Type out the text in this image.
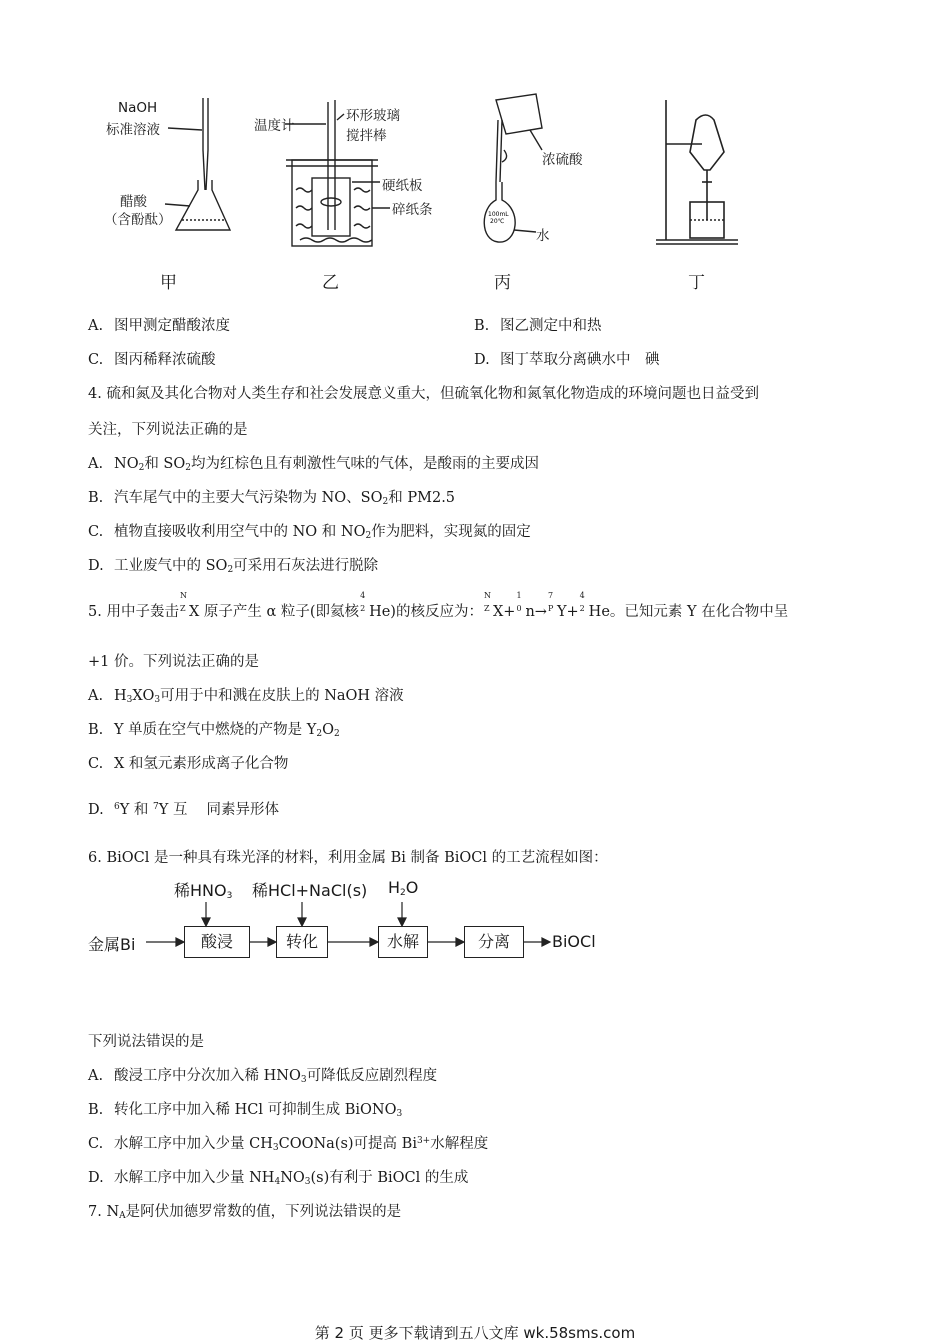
100mL
20℃
NaOH
标准溶液
醋酸
（含酚酞）
温度计
环形玻璃
搅拌棒
硬纸板
碎纸条
浓硫酸
水
甲	乙	丙	丁
A. 图甲测定醋酸浓度	B. 图乙测定中和热
C. 图丙稀释浓硫酸	D. 图丁萃取分离碘水中　碘
4. 硫和氮及其化合物对人类生存和社会发展意义重大，但硫氧化物和氮氧化物造成的环境问题也日益受到
关注，下列说法正确的是
A. $NO_2$和 $SO_2$均为红棕色且有刺激性气味的气体，是酸雨的主要成因
B. 汽车尾气中的主要大气污染物为 NO、$SO_2$和 PM2.5
C. 植物直接吸收利用空气中的 NO 和 $NO_2$作为肥料，实现氮的固定
D. 工业废气中的 $SO_2$可采用石灰法进行脱除
5. 用中子轰击
N
Z X 原子产生 α 粒子(即氦核
4
2 He)的核反应为：
N
Z X+
1
0 n→
7
P Y+
4
2 He。已知元素 Y 在化合物中呈
+1 价。下列说法正确的是
A. $H_3XO_3$可用于中和溅在皮肤上的 NaOH 溶液
B. Y 单质在空气中燃烧的产物是 $Y_2O_2$
C. X 和氢元素形成离子化合物
D. $^6$Y 和 $^7$Y 互　 同素异形体
6. BiOCl 是一种具有珠光泽的材料，利用金属 Bi 制备 BiOCl 的工艺流程如图：
稀$HNO_3$ 稀HCl+NaCl(s) $H_2O$
金属Bi	酸浸	转化	水解	分离	BiOCl
下列说法错误的是
A. 酸浸工序中分次加入稀 $HNO_3$可降低反应剧烈程度
B. 转化工序中加入稀 HCl 可抑制生成 BiONO$_3$
C. 水解工序中加入少量 $CH_3COONa(s)$可提高 $Bi^{3+}$水解程度
D. 水解工序中加入少量 $NH_4NO_3(s)$有利于 BiOCl 的生成
7. $N_A$是阿伏加德罗常数的值，下列说法错误的是
第 2 页 更多下载请到五八文库 wk.58sms.com
